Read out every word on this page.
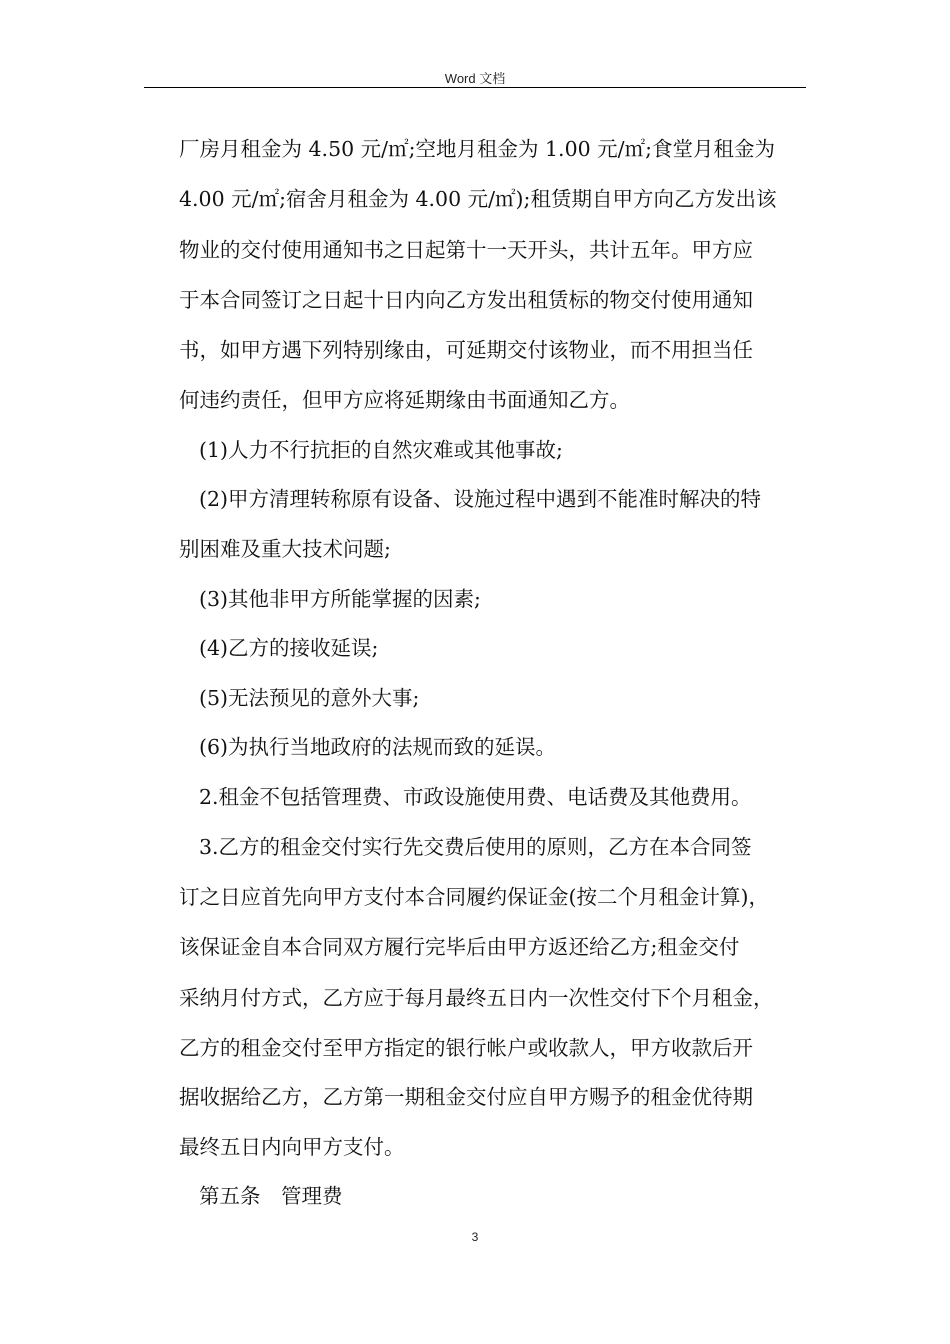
Word 文档
厂房月租金为 4.50 元/㎡;空地月租金为 1.00 元/㎡;食堂月租金为
4.00 元/㎡;宿舍月租金为 4.00 元/㎡);租赁期自甲方向乙方发出该
物业的交付使用通知书之日起第十一天开头，共计五年。甲方应
于本合同签订之日起十日内向乙方发出租赁标的物交付使用通知
书，如甲方遇下列特别缘由，可延期交付该物业，而不用担当任
何违约责任，但甲方应将延期缘由书面通知乙方。
(1)人力不行抗拒的自然灾难或其他事故;
(2)甲方清理转称原有设备、设施过程中遇到不能准时解决的特
别困难及重大技术问题;
(3)其他非甲方所能掌握的因素;
(4)乙方的接收延误;
(5)无法预见的意外大事;
(6)为执行当地政府的法规而致的延误。
2.租金不包括管理费、市政设施使用费、电话费及其他费用。
3.乙方的租金交付实行先交费后使用的原则，乙方在本合同签
订之日应首先向甲方支付本合同履约保证金(按二个月租金计算)，
该保证金自本合同双方履行完毕后由甲方返还给乙方;租金交付
采纳月付方式，乙方应于每月最终五日内一次性交付下个月租金，
乙方的租金交付至甲方指定的银行帐户或收款人，甲方收款后开
据收据给乙方，乙方第一期租金交付应自甲方赐予的租金优待期
最终五日内向甲方支付。
第五条　管理费
3
